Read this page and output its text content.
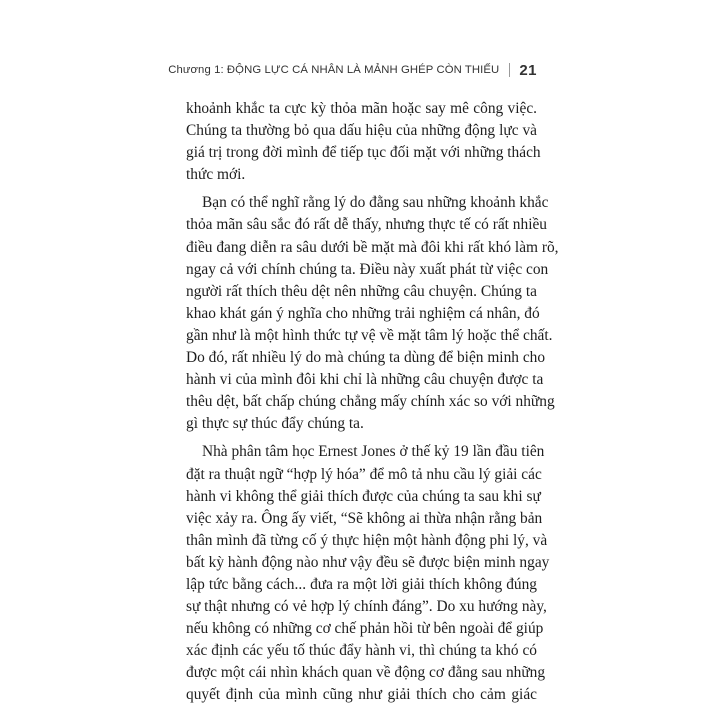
Chương 1: ĐỘNG LỰC CÁ NHÂN LÀ MẢNH GHÉP CÒN THIẾU 21

khoảnh khắc ta cực kỳ thỏa mãn hoặc say mê công việc.
Chúng ta thường bỏ qua dấu hiệu của những động lực và
giá trị trong đời mình để tiếp tục đối mặt với những thách
thức mới.

Bạn có thể nghĩ rằng lý do đằng sau những khoảnh khắc
thỏa mãn sâu sắc đó rất dễ thấy, nhưng thực tế có rất nhiều
điều đang diễn ra sâu dưới bề mặt mà đôi khi rất khó làm rõ,
ngay cả với chính chúng ta. Điều này xuất phát từ việc con
người rất thích thêu dệt nên những câu chuyện. Chúng ta
khao khát gán ý nghĩa cho những trải nghiệm cá nhân, đó
gần như là một hình thức tự vệ về mặt tâm lý hoặc thể chất.
Do đó, rất nhiều lý do mà chúng ta dùng để biện minh cho
hành vi của mình đôi khi chỉ là những câu chuyện được ta
thêu dệt, bất chấp chúng chẳng mấy chính xác so với những
gì thực sự thúc đẩy chúng ta.

Nhà phân tâm học Ernest Jones ở thế kỷ 19 lần đầu tiên
đặt ra thuật ngữ “hợp lý hóa” để mô tả nhu cầu lý giải các
hành vi không thể giải thích được của chúng ta sau khi sự
việc xảy ra. Ông ấy viết, “Sẽ không ai thừa nhận rằng bản
thân mình đã từng cố ý thực hiện một hành động phi lý, và
bất kỳ hành động nào như vậy đều sẽ được biện minh ngay
lập tức bằng cách... đưa ra một lời giải thích không đúng
sự thật nhưng có vẻ hợp lý chính đáng”. Do xu hướng này,
nếu không có những cơ chế phản hồi từ bên ngoài để giúp
xác định các yếu tố thúc đẩy hành vi, thì chúng ta khó có
được một cái nhìn khách quan về động cơ đằng sau những
quyết định của mình cũng như giải thích cho cảm giác
